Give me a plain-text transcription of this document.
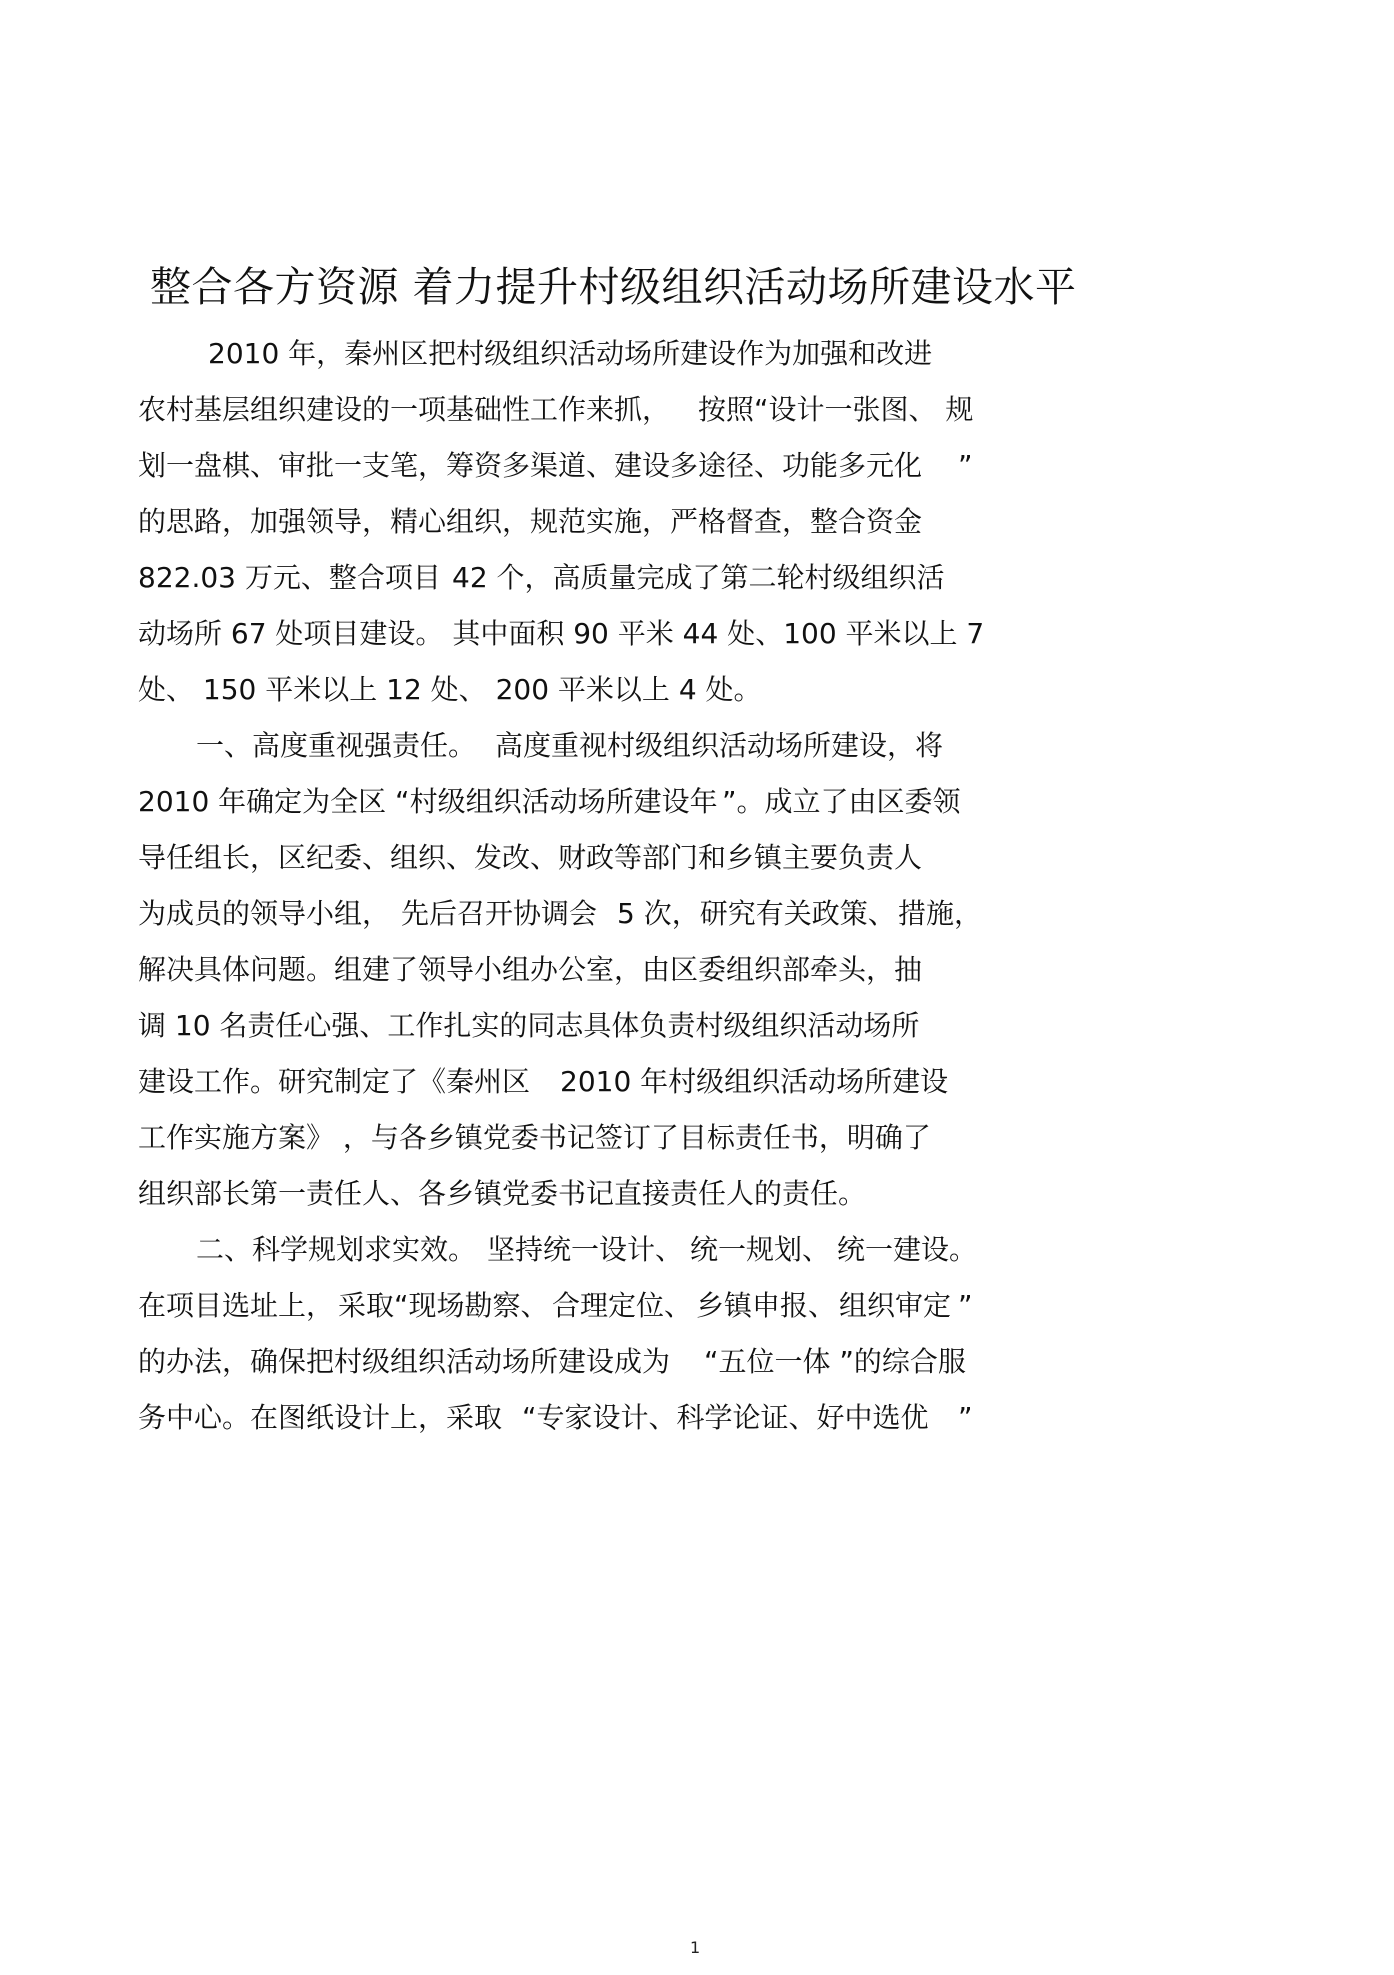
整合各方资源 着力提升村级组织活动场所建设水平
2010 年，秦州区把村级组织活动场所建设作为加强和改进
农村基层组织建设的一项基础性工作来抓， 按照“设计一张图、 规
划一盘棋、审批一支笔，筹资多渠道、建设多途径、功能多元化 ”
的思路，加强领导，精心组织，规范实施，严格督查，整合资金
822.03 万元、整合项目 42 个，高质量完成了第二轮村级组织活
动场所 67 处项目建设。 其中面积 90 平米 44 处、100 平米以上 7
处、 150 平米以上 12 处、 200 平米以上 4 处。
一、高度重视强责任。 高度重视村级组织活动场所建设，将
2010 年确定为全区 “村级组织活动场所建设年 ”。成立了由区委领
导任组长，区纪委、组织、发改、财政等部门和乡镇主要负责人
为成员的领导小组， 先后召开协调会 5 次，研究有关政策、 措施，
解决具体问题。组建了领导小组办公室，由区委组织部牵头，抽
调 10 名责任心强、工作扎实的同志具体负责村级组织活动场所
建设工作。研究制定了《秦州区 2010 年村级组织活动场所建设
工作实施方案》 ，与各乡镇党委书记签订了目标责任书，明确了
组织部长第一责任人、各乡镇党委书记直接责任人的责任。
二、科学规划求实效。 坚持统一设计、 统一规划、 统一建设。
在项目选址上， 采取“现场勘察、 合理定位、 乡镇申报、 组织审定 ”
的办法，确保把村级组织活动场所建设成为 “五位一体 ”的综合服
务中心。在图纸设计上，采取 “专家设计、科学论证、好中选优 ”
1
